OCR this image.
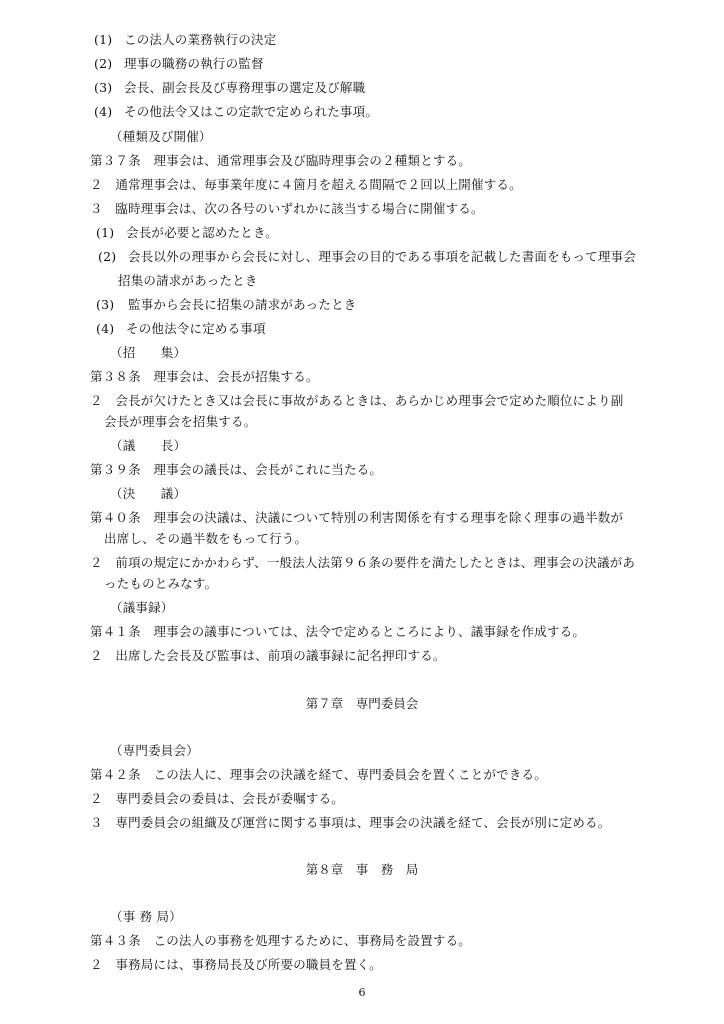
(1) この法人の業務執行の決定
(2) 理事の職務の執行の監督
(3) 会長、副会長及び専務理事の選定及び解職
(4) その他法令又はこの定款で定められた事項。
（種類及び開催）
第３７条　理事会は、通常理事会及び臨時理事会の２種類とする。
２　通常理事会は、毎事業年度に４箇月を超える間隔で２回以上開催する。
３　臨時理事会は、次の各号のいずれかに該当する場合に開催する。
(1) 会長が必要と認めたとき。
(2) 会長以外の理事から会長に対し、理事会の目的である事項を記載した書面をもって理事会
招集の請求があったとき
(3) 監事から会長に招集の請求があったとき
(4) その他法令に定める事項
（招　　集）
第３８条　理事会は、会長が招集する。
２　会長が欠けたとき又は会長に事故があるときは、あらかじめ理事会で定めた順位により副
会長が理事会を招集する。
（議　　長）
第３９条　理事会の議長は、会長がこれに当たる。
（決　　議）
第４０条　理事会の決議は、決議について特別の利害関係を有する理事を除く理事の過半数が
出席し、その過半数をもって行う。
２　前項の規定にかかわらず、一般法人法第９６条の要件を満たしたときは、理事会の決議があ
ったものとみなす。
（議事録）
第４１条　理事会の議事については、法令で定めるところにより、議事録を作成する。
２　出席した会長及び監事は、前項の議事録に記名押印する。
第７章　専門委員会
（専門委員会）
第４２条　この法人に、理事会の決議を経て、専門委員会を置くことができる。
２　専門委員会の委員は、会長が委嘱する。
３　専門委員会の組織及び運営に関する事項は、理事会の決議を経て、会長が別に定める。
第８章　事　務　局
（事 務 局）
第４３条　この法人の事務を処理するために、事務局を設置する。
２　事務局には、事務局長及び所要の職員を置く。
6
